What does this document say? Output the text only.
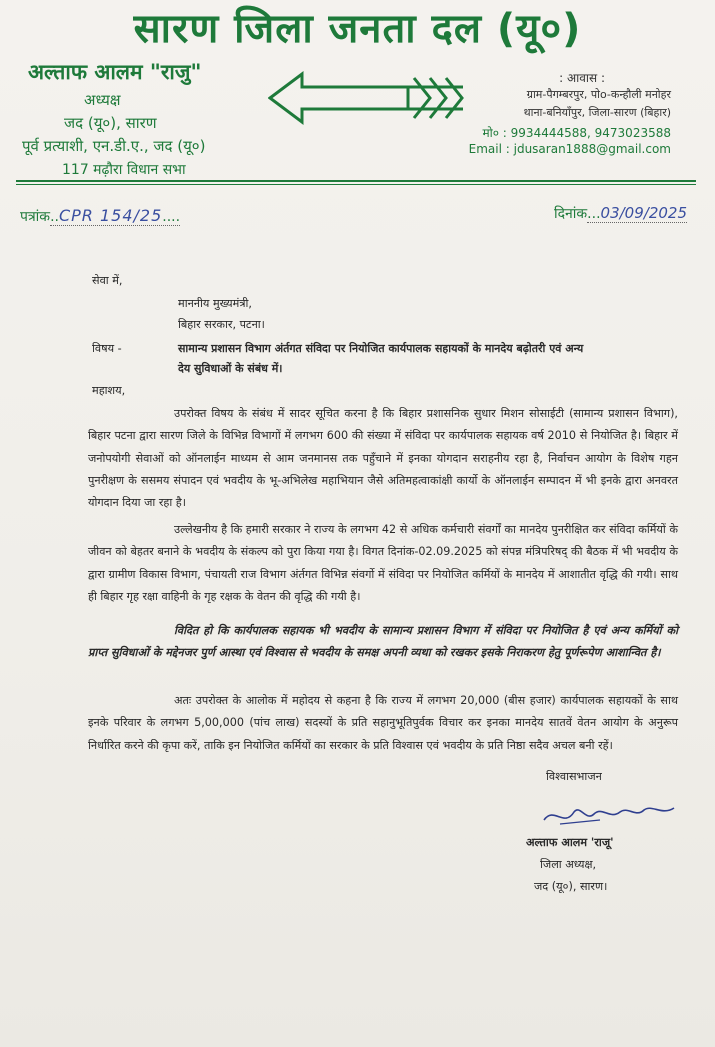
सारण जिला जनता दल (यू०)
अल्ताफ आलम "राजु"
अध्यक्ष
जद (यू०), सारण
पूर्व प्रत्याशी, एन.डी.ए., जद (यू०)
117 मढ़ौरा विधान सभा
: आवास :
ग्राम-पैगम्बरपुर, पोo-कन्हौली मनोहर
थाना-बनियाँपुर, जिला-सारण (बिहार)
मो० : 9934444588, 9473023588
Email : jdusaran1888@gmail.com
पत्रांक..CPR 154/25....	दिनांक...03/09/2025
सेवा में,
माननीय मुख्यमंत्री,
बिहार सरकार, पटना।
विषय -	सामान्य प्रशासन विभाग अंर्तगत संविदा पर नियोजित कार्यपालक सहायकों के मानदेय बढ़ोतरी एवं अन्य
देय सुविधाओं के संबंध में।
महाशय,
उपरोक्त विषय के संबंध में सादर सूचित करना है कि बिहार प्रशासनिक सुधार मिशन सोसाईटी (सामान्य प्रशासन विभाग), बिहार पटना द्वारा सारण जिले के विभिन्न विभागों में लगभग 600 की संख्या में संविदा पर कार्यपालक सहायक वर्ष 2010 से नियोजित है। बिहार में जनोपयोगी सेवाओं को ऑनलाईन माध्यम से आम जनमानस तक पहुँचाने में इनका योगदान सराहनीय रहा है, निर्वाचन आयोग के विशेष गहन पुनरीक्षण के ससमय संपादन एवं भवदीय के भू-अभिलेख महाभियान जैसे अतिमहत्वाकांक्षी कार्यो के ऑनलाईन सम्पादन में भी इनके द्वारा अनवरत योगदान दिया जा रहा है।
उल्लेखनीय है कि हमारी सरकार ने राज्य के लगभग 42 से अधिक कर्मचारी संवर्गों का मानदेय पुनरीक्षित कर संविदा कर्मियों के जीवन को बेहतर बनाने के भवदीय के संकल्प को पुरा किया गया है। विगत दिनांक-02.09.2025 को संपन्न मंत्रिपरिषद् की बैठक में भी भवदीय के द्वारा ग्रामीण विकास विभाग, पंचायती राज विभाग अंर्तगत विभिन्न संवर्गो में संविदा पर नियोजित कर्मियों के मानदेय में आशातीत वृद्धि की गयी। साथ ही बिहार गृह रक्षा वाहिनी के गृह रक्षक के वेतन की वृद्धि की गयी है।
विदित हो कि कार्यपालक सहायक भी भवदीय के सामान्य प्रशासन विभाग में संविदा पर नियोजित है एवं अन्य कर्मियों को प्राप्त सुविधाओं के मद्देनजर पुर्ण आस्था एवं विश्वास से भवदीय के समक्ष अपनी व्यथा को रखकर इसके निराकरण हेतु पूर्णरूपेण आशान्वित है।
अतः उपरोक्त के आलोक में महोदय से कहना है कि राज्य में लगभग 20,000 (बीस हजार) कार्यपालक सहायकों के साथ इनके परिवार के लगभग 5,00,000 (पांच लाख) सदस्यों के प्रति सहानुभूतिपुर्वक विचार कर इनका मानदेय सातवें वेतन आयोग के अनुरूप निर्धारित करने की कृपा करें, ताकि इन नियोजित कर्मियों का सरकार के प्रति विश्वास एवं भवदीय के प्रति निष्ठा सदैव अचल बनी रहें।
विश्वासभाजन
अल्ताफ आलम 'राजू'
जिला अध्यक्ष,
जद (यू०), सारण।
